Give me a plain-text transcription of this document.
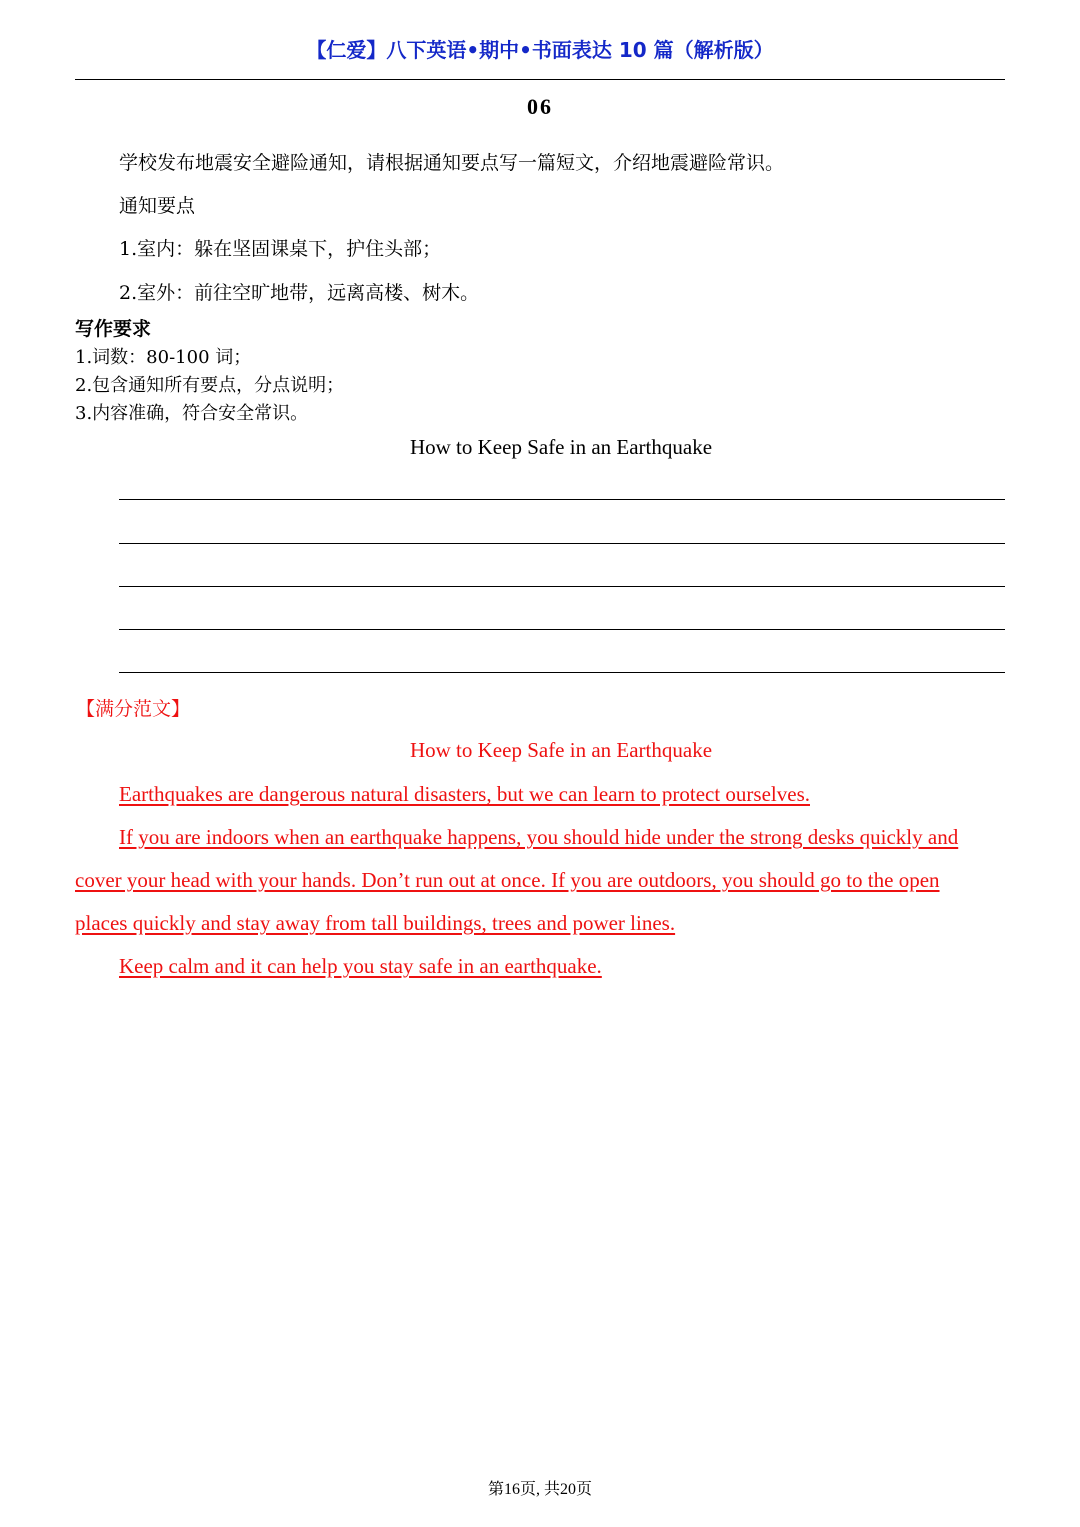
【仁爱】八下英语•期中•书面表达 10 篇（解析版）
06
学校发布地震安全避险通知，请根据通知要点写一篇短文，介绍地震避险常识。
通知要点
1.室内：躲在坚固课桌下，护住头部；
2.室外：前往空旷地带，远离高楼、树木。
写作要求
1.词数：80-100 词；
2.包含通知所有要点，分点说明；
3.内容准确，符合安全常识。
How to Keep Safe in an Earthquake
【满分范文】
How to Keep Safe in an Earthquake
Earthquakes are dangerous natural disasters, but we can learn to protect ourselves.
If you are indoors when an earthquake happens, you should hide under the strong desks quickly and
cover your head with your hands. Don’t run out at once. If you are outdoors, you should go to the open
places quickly and stay away from tall buildings, trees and power lines.
Keep calm and it can help you stay safe in an earthquake.
第16页, 共20页
